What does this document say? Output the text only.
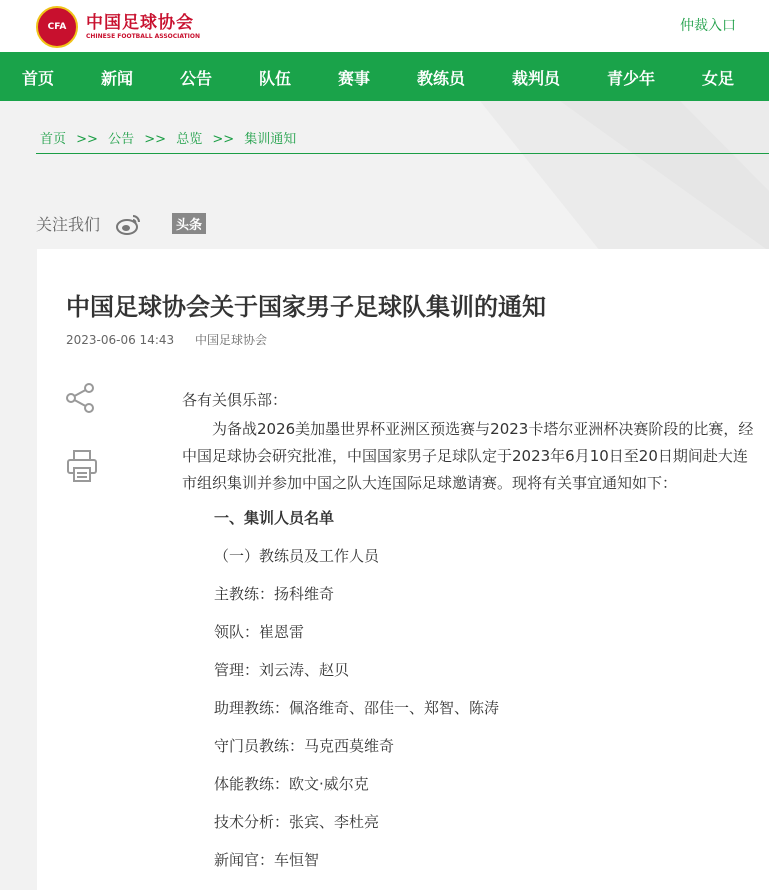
CFA 中国足球协会
CHINESE FOOTBALL ASSOCIATION
仲裁入口
首页	新闻	公告	队伍	赛事	教练员	裁判员	青少年	女足
首页 >> 公告 >> 总览 >> 集训通知
关注我们	头条
中国足球协会关于国家男子足球队集训的通知
2023-06-06 14:43 中国足球协会
各有关俱乐部：
为备战2026美加墨世界杯亚洲区预选赛与2023卡塔尔亚洲杯决赛阶段的比赛，经中国足球协会研究批准，中国国家男子足球队定于2023年6月10日至20日期间赴大连市组织集训并参加中国之队大连国际足球邀请赛。现将有关事宜通知如下：
一、集训人员名单
（一）教练员及工作人员
主教练：扬科维奇
领队：崔恩雷
管理：刘云涛、赵贝
助理教练：佩洛维奇、邵佳一、郑智、陈涛
守门员教练：马克西莫维奇
体能教练：欧文·威尔克
技术分析：张宾、李杜亮
新闻官：车恒智
